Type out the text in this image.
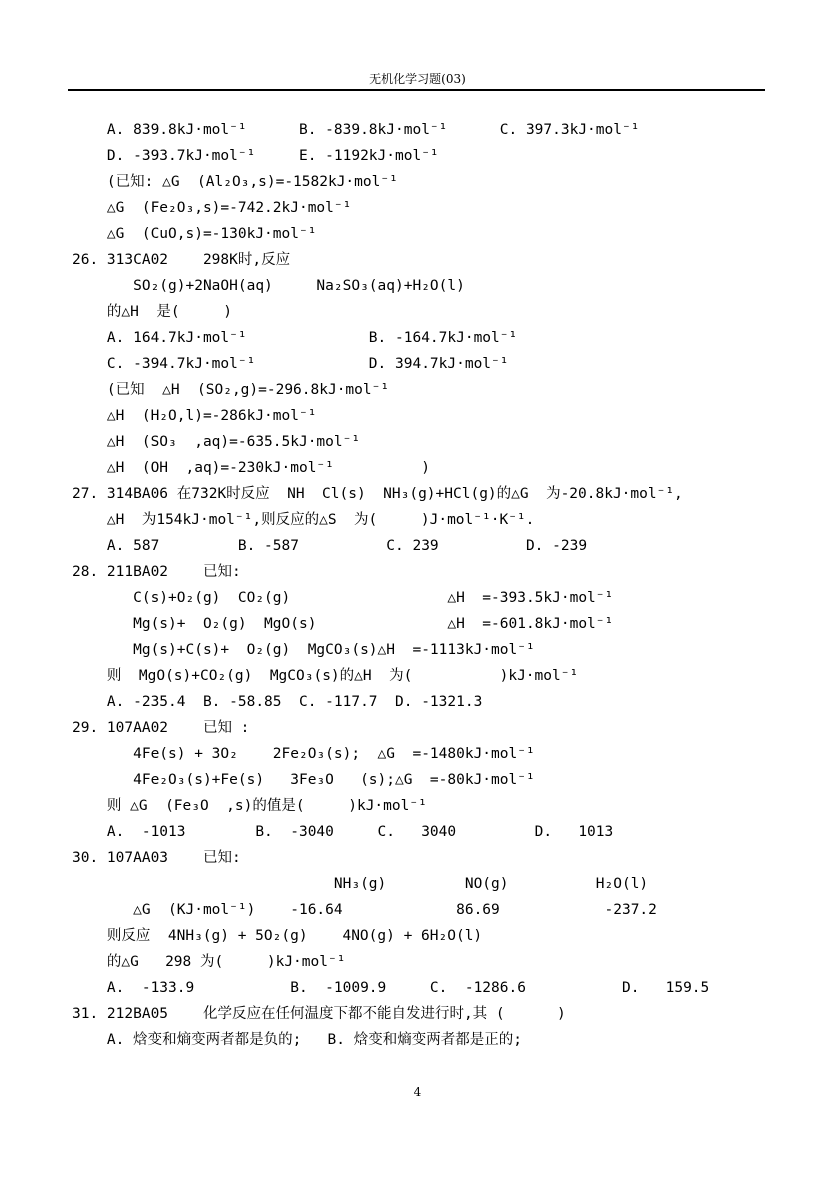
无机化学习题(03)
A. 839.8kJ·mol⁻¹      B. -839.8kJ·mol⁻¹      C. 397.3kJ·mol⁻¹
D. -393.7kJ·mol⁻¹     E. -1192kJ·mol⁻¹
(已知: △G  (Al₂O₃,s)=-1582kJ·mol⁻¹
△G  (Fe₂O₃,s)=-742.2kJ·mol⁻¹
△G  (CuO,s)=-130kJ·mol⁻¹
26. 313CA02    298K时,反应
SO₂(g)+2NaOH(aq)     Na₂SO₃(aq)+H₂O(l)
的△H  是(     )
A. 164.7kJ·mol⁻¹              B. -164.7kJ·mol⁻¹
C. -394.7kJ·mol⁻¹             D. 394.7kJ·mol⁻¹
(已知  △H  (SO₂,g)=-296.8kJ·mol⁻¹
△H  (H₂O,l)=-286kJ·mol⁻¹
△H  (SO₃  ,aq)=-635.5kJ·mol⁻¹
△H  (OH  ,aq)=-230kJ·mol⁻¹          )
27. 314BA06 在732K时反应  NH  Cl(s)  NH₃(g)+HCl(g)的△G  为-20.8kJ·mol⁻¹,
△H  为154kJ·mol⁻¹,则反应的△S  为(     )J·mol⁻¹·K⁻¹.
A. 587         B. -587          C. 239          D. -239
28. 211BA02    已知:
C(s)+O₂(g)  CO₂(g)                  △H  =-393.5kJ·mol⁻¹
Mg(s)+  O₂(g)  MgO(s)               △H  =-601.8kJ·mol⁻¹
Mg(s)+C(s)+  O₂(g)  MgCO₃(s)△H  =-1113kJ·mol⁻¹
则  MgO(s)+CO₂(g)  MgCO₃(s)的△H  为(          )kJ·mol⁻¹
A. -235.4  B. -58.85  C. -117.7  D. -1321.3
29. 107AA02    已知 :
4Fe(s) + 3O₂    2Fe₂O₃(s);  △G  =-1480kJ·mol⁻¹
4Fe₂O₃(s)+Fe(s)   3Fe₃O   (s);△G  =-80kJ·mol⁻¹
则 △G  (Fe₃O  ,s)的值是(     )kJ·mol⁻¹
A.  -1013        B.  -3040     C.   3040         D.   1013
30. 107AA03    已知:
NH₃(g)         NO(g)          H₂O(l)
△G  (KJ·mol⁻¹)    -16.64             86.69            -237.2
则反应  4NH₃(g) + 5O₂(g)    4NO(g) + 6H₂O(l)
的△G   298 为(     )kJ·mol⁻¹
A.  -133.9           B.  -1009.9     C.  -1286.6           D.   159.5
31. 212BA05    化学反应在任何温度下都不能自发进行时,其 (      )
A. 焓变和熵变两者都是负的;   B. 焓变和熵变两者都是正的;
4
